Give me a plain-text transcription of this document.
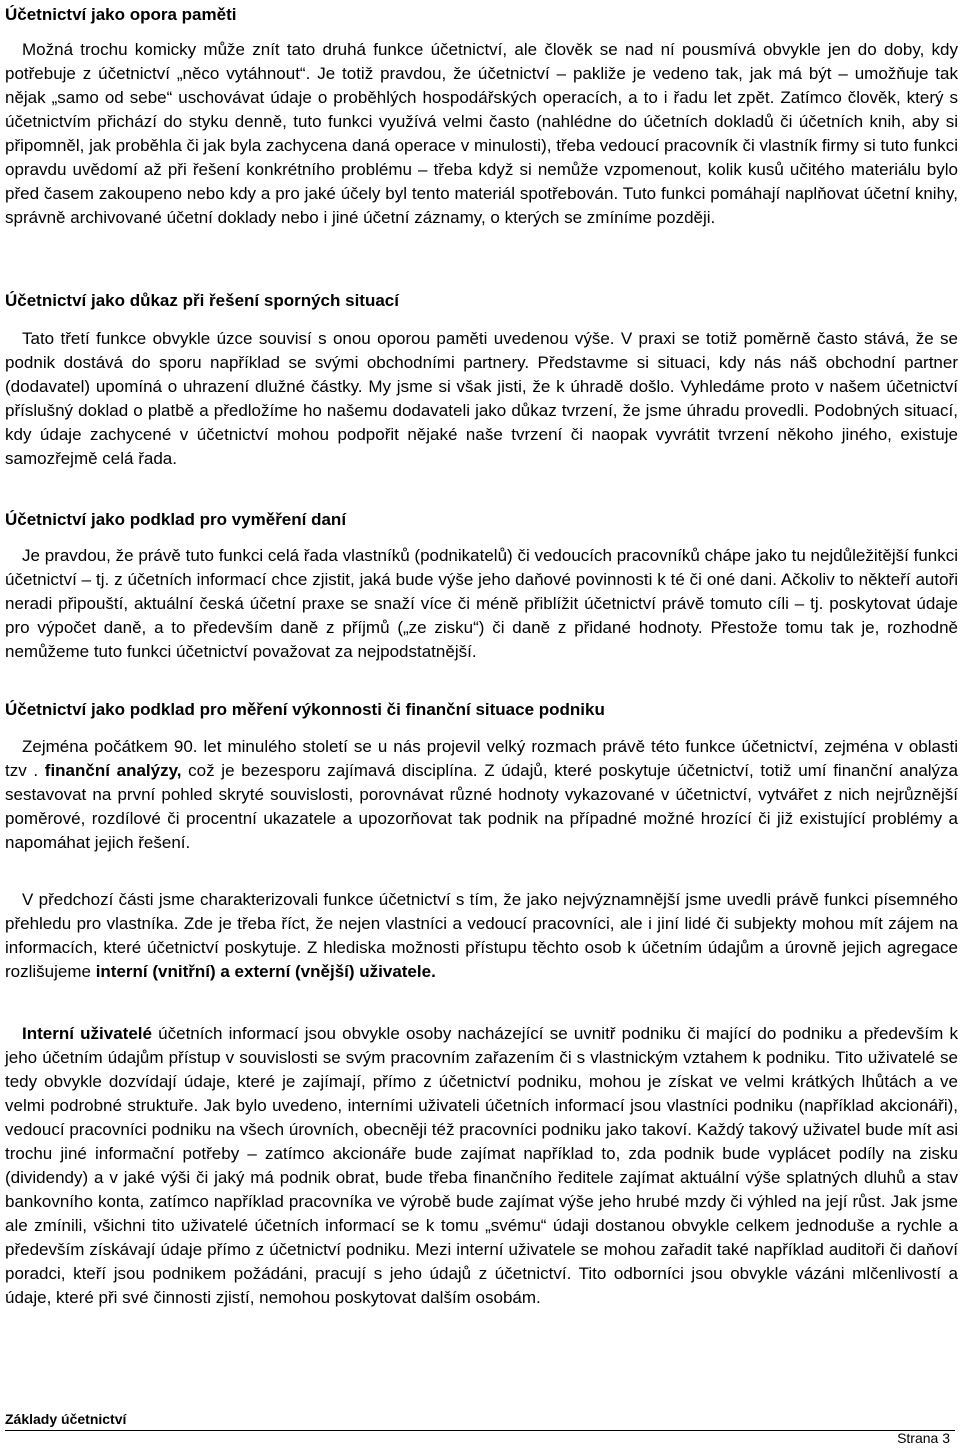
Účetnictví jako opora paměti

Možná trochu komicky může znít tato druhá funkce účetnictví, ale člověk se nad ní pousmívá obvykle jen do doby, kdy potřebuje z účetnictví „něco vytáhnout“. Je totiž pravdou, že účetnictví – pakliže je vedeno tak, jak má být – umožňuje tak nějak „samo od sebe“ uschovávat údaje o proběhlých hospodářských operacích, a to i řadu let zpět. Zatímco člověk, který s účetnictvím přichází do styku denně, tuto funkci využívá velmi často (nahlédne do účetních dokladů či účetních knih, aby si připomněl, jak proběhla či jak byla zachycena daná operace v minulosti), třeba vedoucí pracovník či vlastník firmy si tuto funkci opravdu uvědomí až při řešení konkrétního problému – třeba když si nemůže vzpomenout, kolik kusů učitého materiálu bylo před časem zakoupeno nebo kdy a pro jaké účely byl tento materiál spotřebován. Tuto funkci pomáhají naplňovat účetní knihy, správně archivované účetní doklady nebo i jiné účetní záznamy, o kterých se zmíníme později.

Účetnictví jako důkaz při řešení sporných situací

Tato třetí funkce obvykle úzce souvisí s onou oporou paměti uvedenou výše. V praxi se totiž poměrně často stává, že se podnik dostává do sporu například se svými obchodními partnery. Představme si situaci, kdy nás náš obchodní partner (dodavatel) upomíná o uhrazení dlužné částky. My jsme si však jisti, že k úhradě došlo. Vyhledáme proto v našem účetnictví příslušný doklad o platbě a předložíme ho našemu dodavateli jako důkaz tvrzení, že jsme úhradu provedli. Podobných situací, kdy údaje zachycené v účetnictví mohou podpořit nějaké naše tvrzení či naopak vyvrátit tvrzení někoho jiného, existuje samozřejmě celá řada.

Účetnictví jako podklad pro vyměření daní

Je pravdou, že právě tuto funkci celá řada vlastníků (podnikatelů) či vedoucích pracovníků chápe jako tu nejdůležitější funkci účetnictví – tj. z účetních informací chce zjistit, jaká bude výše jeho daňové povinnosti k té či oné dani. Ačkoliv to někteří autoři neradi připouští, aktuální česká účetní praxe se snaží více či méně přiblížit účetnictví právě tomuto cíli – tj. poskytovat údaje pro výpočet daně, a to především daně z příjmů („ze zisku“) či daně z přidané hodnoty. Přestože tomu tak je, rozhodně nemůžeme tuto funkci účetnictví považovat za nejpodstatnější.

Účetnictví jako podklad pro měření výkonnosti či finanční situace podniku

Zejména počátkem 90. let minulého století se u nás projevil velký rozmach právě této funkce účetnictví, zejména v oblasti tzv . finanční analýzy, což je bezesporu zajímavá disciplína. Z údajů, které poskytuje účetnictví, totiž umí finanční analýza sestavovat na první pohled skryté souvislosti, porovnávat různé hodnoty vykazované v účetnictví, vytvářet z nich nejrůznější poměrové, rozdílové či procentní ukazatele a upozorňovat tak podnik na případné možné hrozící či již existující problémy a napomáhat jejich řešení.

V předchozí části jsme charakterizovali funkce účetnictví s tím, že jako nejvýznamnější jsme uvedli právě funkci písemného přehledu pro vlastníka. Zde je třeba říct, že nejen vlastníci a vedoucí pracovníci, ale i jiní lidé či subjekty mohou mít zájem na informacích, které účetnictví poskytuje. Z hlediska možnosti přístupu těchto osob k účetním údajům a úrovně jejich agregace rozlišujeme interní (vnitřní) a externí (vnější) uživatele.

Interní uživatelé účetních informací jsou obvykle osoby nacházející se uvnitř podniku či mající do podniku a především k jeho účetním údajům přístup v souvislosti se svým pracovním zařazením či s vlastnickým vztahem k podniku. Tito uživatelé se tedy obvykle dozvídají údaje, které je zajímají, přímo z účetnictví podniku, mohou je získat ve velmi krátkých lhůtách a ve velmi podrobné struktuře. Jak bylo uvedeno, interními uživateli účetních informací jsou vlastníci podniku (například akcionáři), vedoucí pracovníci podniku na všech úrovních, obecněji též pracovníci podniku jako takoví. Každý takový uživatel bude mít asi trochu jiné informační potřeby – zatímco akcionáře bude zajímat například to, zda podnik bude vyplácet podíly na zisku (dividendy) a v jaké výši či jaký má podnik obrat, bude třeba finančního ředitele zajímat aktuální výše splatných dluhů a stav bankovního konta, zatímco například pracovníka ve výrobě bude zajímat výše jeho hrubé mzdy či výhled na její růst. Jak jsme ale zmínili, všichni tito uživatelé účetních informací se k tomu „svému“ údaji dostanou obvykle celkem jednoduše a rychle a především získávají údaje přímo z účetnictví podniku. Mezi interní uživatele se mohou zařadit také například auditoři či daňoví poradci, kteří jsou podnikem požádáni, pracují s jeho údajů z účetnictví. Tito odborníci jsou obvykle vázáni mlčenlivostí a údaje, které při své činnosti zjistí, nemohou poskytovat dalším osobám.

Základy účetnictví
Strana 3
